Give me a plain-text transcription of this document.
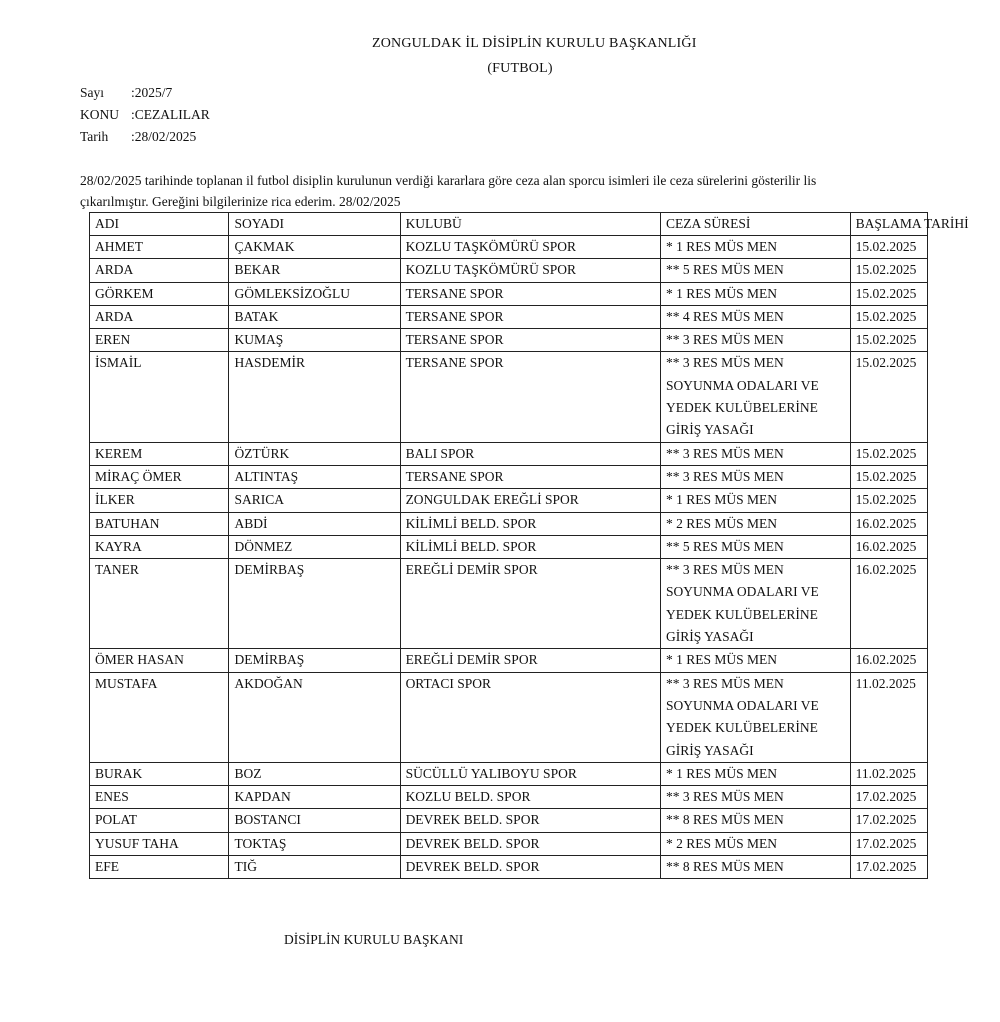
ZONGULDAK İL DİSİPLİN KURULU BAŞKANLIĞI
(FUTBOL)
Sayı	:2025/7
KONU :CEZALILAR
Tarih	:28/02/2025
28/02/2025 tarihinde toplanan il futbol disiplin kurulunun verdiği kararlara göre ceza alan sporcu isimleri ile ceza sürelerini gösterilir lis
çıkarılmıştır. Gereğini bilgilerinize rica ederim. 28/02/2025
ADI	SOYADI	KULUBÜ	CEZA SÜRESİ	BAŞLAMA TARİHİ
AHMET	ÇAKMAK	KOZLU TAŞKÖMÜRÜ SPOR	* 1 RES MÜS MEN	15.02.2025
ARDA	BEKAR	KOZLU TAŞKÖMÜRÜ SPOR	** 5 RES MÜS MEN	15.02.2025
GÖRKEM	GÖMLEKSİZOĞLU	TERSANE SPOR	* 1 RES MÜS MEN	15.02.2025
ARDA	BATAK	TERSANE SPOR	** 4 RES MÜS MEN	15.02.2025
EREN	KUMAŞ	TERSANE SPOR	** 3 RES MÜS MEN	15.02.2025
İSMAİL	HASDEMİR	TERSANE SPOR	** 3 RES MÜS MEN SOYUNMA ODALARI VE YEDEK KULÜBELERİNE GİRİŞ YASAĞI	15.02.2025
KEREM	ÖZTÜRK	BALI SPOR	** 3 RES MÜS MEN	15.02.2025
MİRAÇ ÖMER	ALTINTAŞ	TERSANE SPOR	** 3 RES MÜS MEN	15.02.2025
İLKER	SARICA	ZONGULDAK EREĞLİ SPOR	* 1 RES MÜS MEN	15.02.2025
BATUHAN	ABDİ	KİLİMLİ BELD. SPOR	* 2 RES MÜS MEN	16.02.2025
KAYRA	DÖNMEZ	KİLİMLİ BELD. SPOR	** 5 RES MÜS MEN	16.02.2025
TANER	DEMİRBAŞ	EREĞLİ DEMİR SPOR	** 3 RES MÜS MEN SOYUNMA ODALARI VE YEDEK KULÜBELERİNE GİRİŞ YASAĞI	16.02.2025
ÖMER HASAN	DEMİRBAŞ	EREĞLİ DEMİR SPOR	* 1 RES MÜS MEN	16.02.2025
MUSTAFA	AKDOĞAN	ORTACI SPOR	** 3 RES MÜS MEN SOYUNMA ODALARI VE YEDEK KULÜBELERİNE GİRİŞ YASAĞI	11.02.2025
BURAK	BOZ	SÜCÜLLÜ YALIBOYU SPOR	* 1 RES MÜS MEN	11.02.2025
ENES	KAPDAN	KOZLU BELD. SPOR	** 3 RES MÜS MEN	17.02.2025
POLAT	BOSTANCI	DEVREK BELD. SPOR	** 8 RES MÜS MEN	17.02.2025
YUSUF TAHA	TOKTAŞ	DEVREK BELD. SPOR	* 2 RES MÜS MEN	17.02.2025
EFE	TIĞ	DEVREK BELD. SPOR	** 8 RES MÜS MEN	17.02.2025
DİSİPLİN KURULU BAŞKANI
